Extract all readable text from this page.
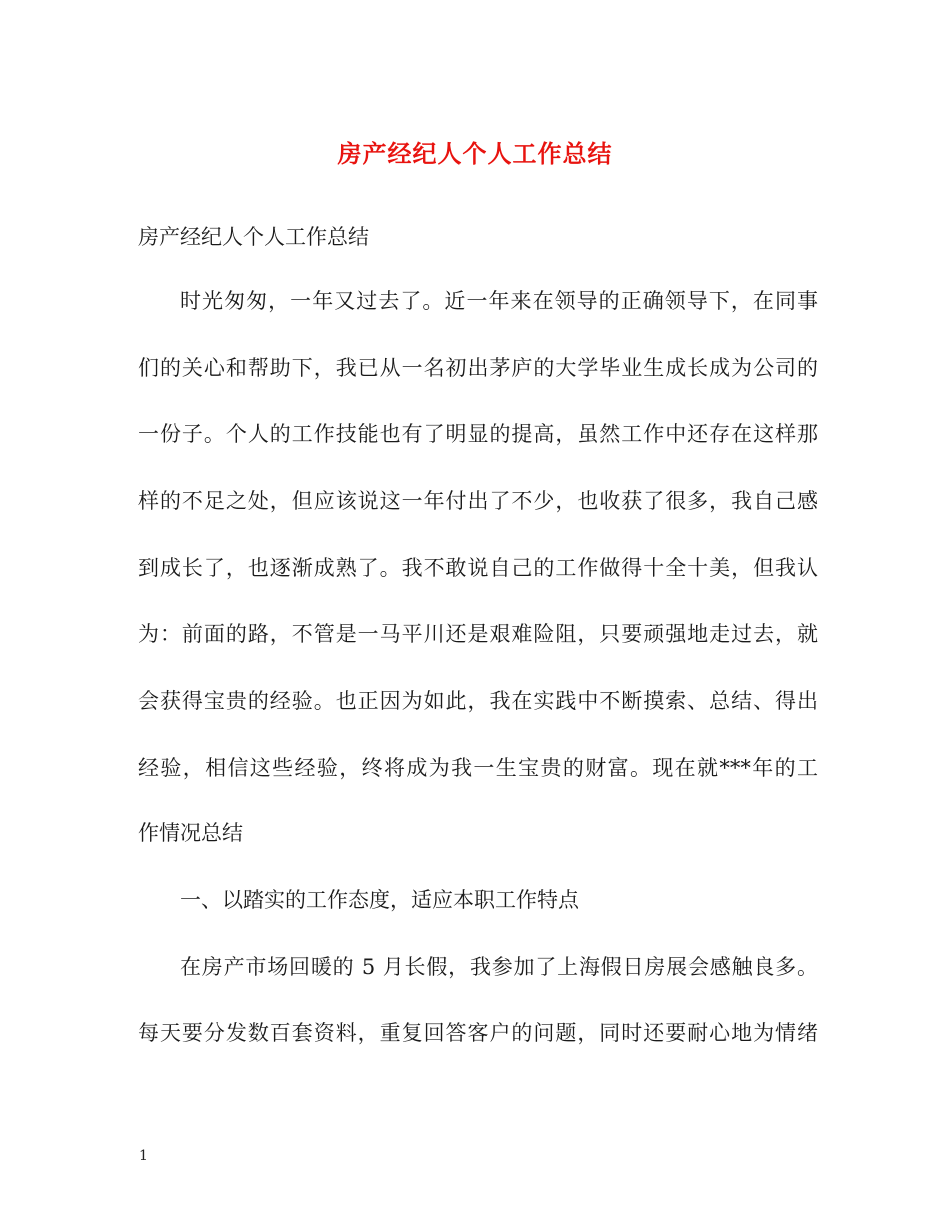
房产经纪人个人工作总结
房产经纪人个人工作总结
时光匆匆，一年又过去了。近一年来在领导的正确领导下，在同事
们的关心和帮助下，我已从一名初出茅庐的大学毕业生成长成为公司的
一份子。个人的工作技能也有了明显的提高，虽然工作中还存在这样那
样的不足之处，但应该说这一年付出了不少，也收获了很多，我自己感
到成长了，也逐渐成熟了。我不敢说自己的工作做得十全十美，但我认
为：前面的路，不管是一马平川还是艰难险阻，只要顽强地走过去，就
会获得宝贵的经验。也正因为如此，我在实践中不断摸索、总结、得出
经验，相信这些经验，终将成为我一生宝贵的财富。现在就***年的工
作情况总结
一、以踏实的工作态度，适应本职工作特点
在房产市场回暖的 5 月长假，我参加了上海假日房展会感触良多。
每天要分发数百套资料，重复回答客户的问题，同时还要耐心地为情绪
1
